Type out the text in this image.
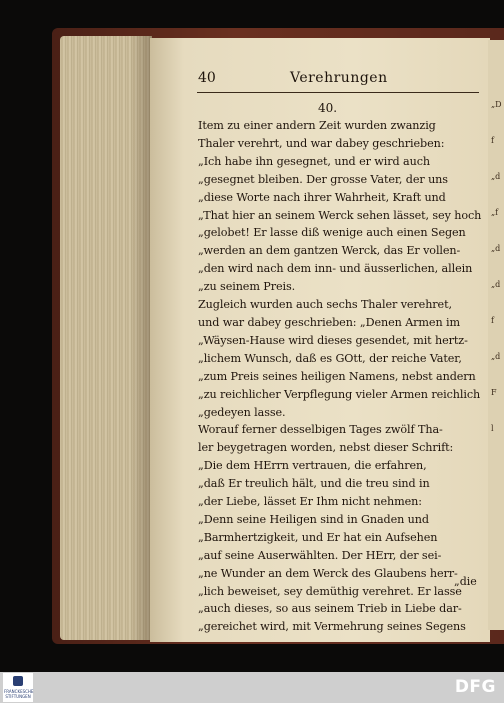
„D
f
„d
„f
„d
„d
f
„d
F
l
40	Verehrungen
40.
Item zu einer andern Zeit wurden zwanzig
Thaler verehrt, und war dabey geschrieben:
„Ich habe ihn gesegnet, und er wird auch
„gesegnet bleiben. Der grosse Vater, der uns
„diese Worte nach ihrer Wahrheit, Kraft und
„That hier an seinem Werck sehen lässet, sey hoch
„gelobet! Er lasse diß wenige auch einen Segen
„werden an dem gantzen Werck, das Er vollen-
„den wird nach dem inn- und äusserlichen, allein
„zu seinem Preis.
Zugleich wurden auch sechs Thaler verehret,
und war dabey geschrieben: „Denen Armen im
„Wäysen-Hause wird dieses gesendet, mit hertz-
„lichem Wunsch, daß es GOtt, der reiche Vater,
„zum Preis seines heiligen Namens, nebst andern
„zu reichlicher Verpflegung vieler Armen reichlich
„gedeyen lasse.
Worauf ferner desselbigen Tages zwölf Tha-
ler beygetragen worden, nebst dieser Schrift:
„Die dem HErrn vertrauen, die erfahren,
„daß Er treulich hält, und die treu sind in
„der Liebe, lässet Er Ihm nicht nehmen:
„Denn seine Heiligen sind in Gnaden und
„Barmhertzigkeit, und Er hat ein Aufsehen
„auf seine Auserwählten. Der HErr, der sei-
„ne Wunder an dem Werck des Glaubens herr-
„lich beweiset, sey demüthig verehret. Er lasse
„auch dieses, so aus seinem Trieb in Liebe dar-
„gereichet wird, mit Vermehrung seines Segens
„die
FRANCKESCHE STIFTUNGEN	DFG
